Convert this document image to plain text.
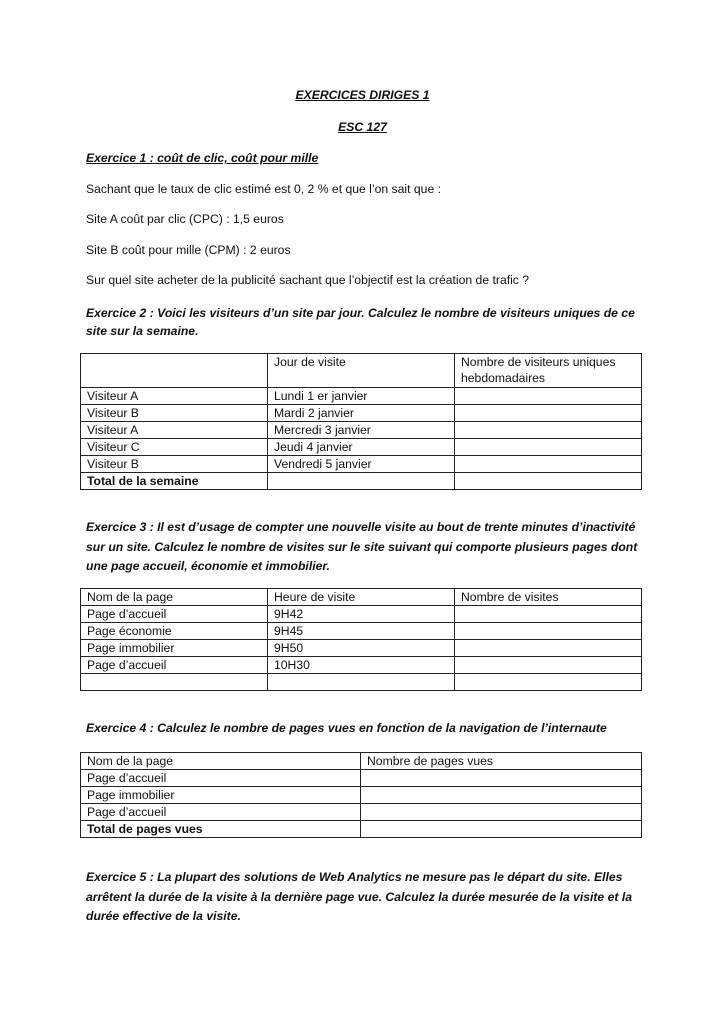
EXERCICES DIRIGES 1
ESC 127
Exercice 1 : coût de clic, coût pour mille
Sachant que le taux de clic estimé est 0, 2 % et que l’on sait que :
Site A coût par clic (CPC) : 1,5 euros
Site B coût pour mille (CPM) : 2 euros
Sur quel site acheter de la publicité sachant que l’objectif est la création de trafic ?
Exercice 2 : Voici les visiteurs d’un site par jour. Calculez le nombre de visiteurs uniques de ce site sur la semaine.
	Jour de visite	Nombre de visiteurs uniques hebdomadaires
Visiteur A	Lundi 1 er janvier	
Visiteur B	Mardi 2 janvier	
Visiteur A	Mercredi 3 janvier	
Visiteur C	Jeudi 4 janvier	
Visiteur B	Vendredi 5 janvier	
Total de la semaine		
Exercice 3 : Il est d’usage de compter une nouvelle visite au bout de trente minutes d’inactivité sur un site. Calculez le nombre de visites sur le site suivant qui comporte plusieurs pages dont une page accueil, économie et immobilier.
Nom de la page	Heure de visite	Nombre de visites
Page d’accueil	9H42	
Page économie	9H45	
Page immobilier	9H50	
Page d’accueil	10H30	

Exercice 4 : Calculez le nombre de pages vues en fonction de la navigation de l’internaute
Nom de la page	Nombre de pages vues
Page d’accueil	
Page immobilier	
Page d’accueil	
Total de pages vues	
Exercice 5 : La plupart des solutions de Web Analytics ne mesure pas le départ du site. Elles arrêtent la durée de la visite à la dernière page vue. Calculez la durée mesurée de la visite et la durée effective de la visite.
